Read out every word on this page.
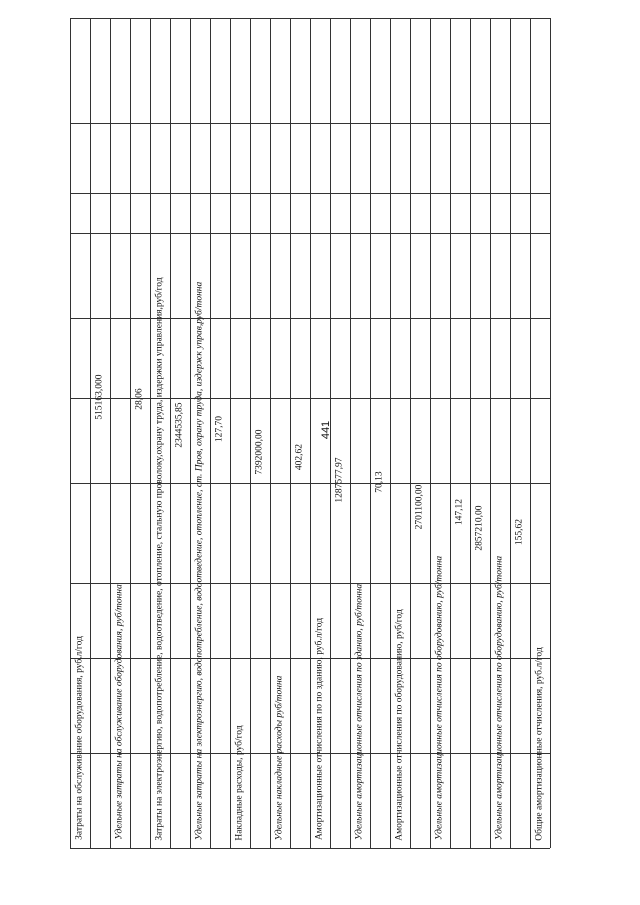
441
Затраты на обслуживание оборудования, руб.л/год
515163,000
Удельные затраты на обслуживание оборудования, руб/тонна
28,06 Затраты на электроэнергию, водопотребление, водоотведение, отопление, стальную проволоку,охрану труда, издержки управления,руб/год 2344535,85 Удельные затраты на электроэнергию, водопотребление, водоотведение, отопление, ст. Пров, охрану труда, издержк управ,руб/тонна 127,70
Накладные расходы, руб/год
7392000,00
Удельные накладные расходы руб/тонна
402,62
Амортизационные отчисления по по зданию, руб.л/год
1287577,97
Удельные амортизационные отчисления по зданию, руб/тонна
70,13
Амортизационные отчисления по оборудованию, руб/год
2701100,00
Удельные амортизационные отчисления по оборудованию, руб/тонна
147,12 2857210,00
Удельные амортизационные отчисления по оборудованию, руб/тонна
155,62
Общие амортизационные отчисления, руб.л/год
